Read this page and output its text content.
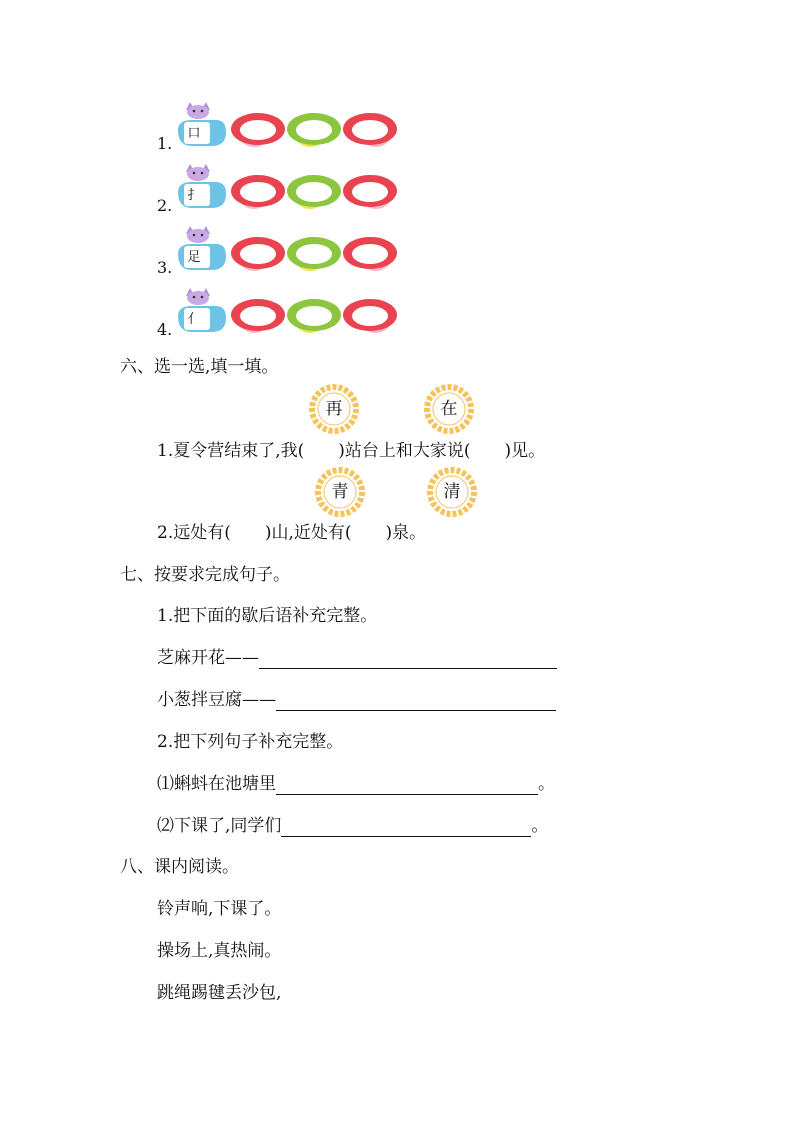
1.
口
2.
扌
3.
足
4.
亻
六、选一选,填一填。
再	在
1.夏令营结束了,我(　　)站台上和大家说(　　)见。
青	清
2.远处有(　　)山,近处有(　　)泉。
七、按要求完成句子。
1.把下面的歇后语补充完整。
芝麻开花——
小葱拌豆腐——
2.把下列句子补充完整。
⑴蝌蚪在池塘里	。
⑵下课了,同学们	。
八、课内阅读。
铃声响,下课了。
操场上,真热闹。
跳绳踢毽丢沙包,
